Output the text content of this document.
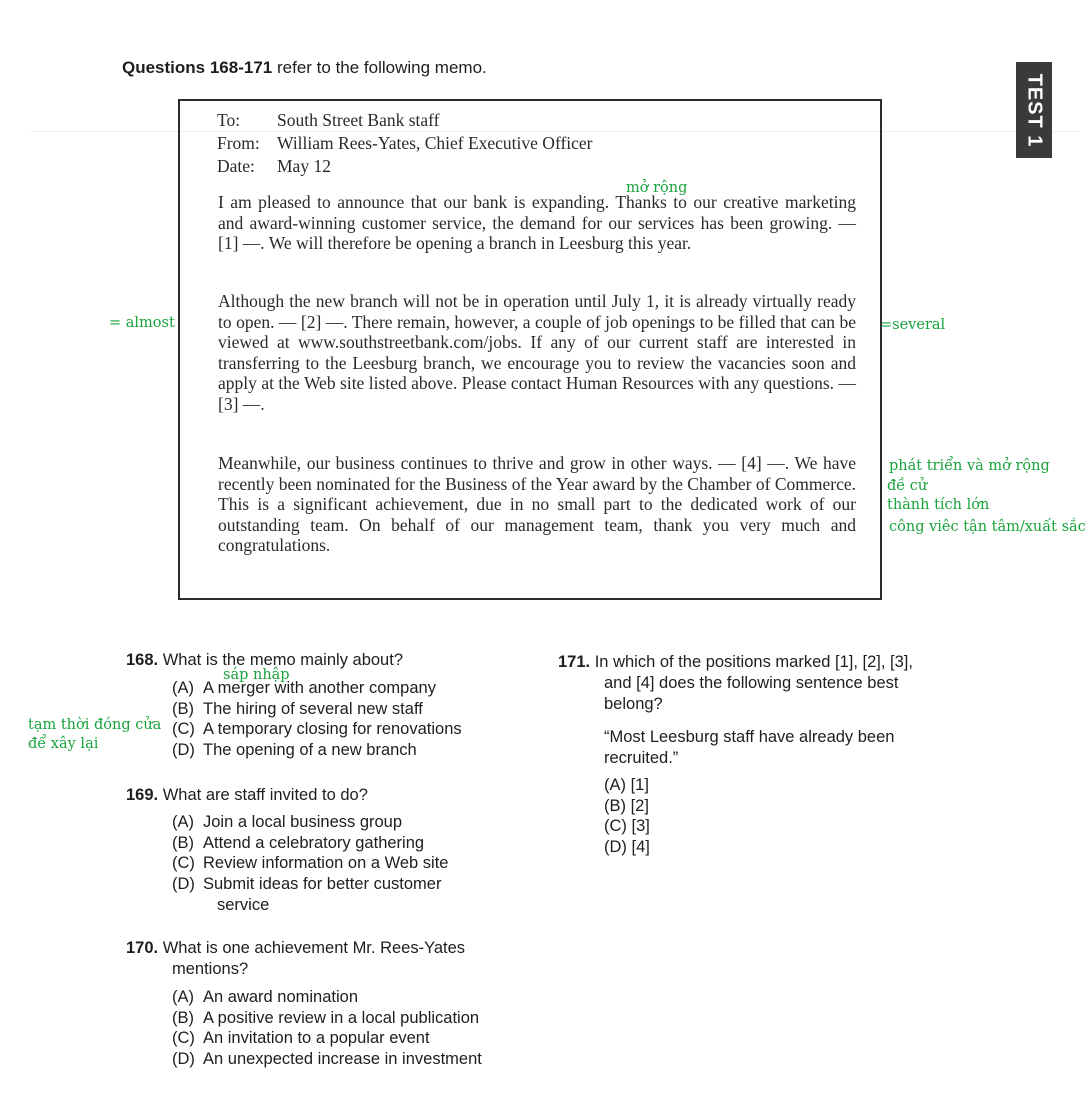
Questions 168-171 refer to the following memo.
TEST 1
To: South Street Bank staff
From: William Rees-Yates, Chief Executive Officer
Date: May 12
I am pleased to announce that our bank is expanding. Thanks to our creative marketing and award-winning customer service, the demand for our services has been growing. — [1] —. We will therefore be opening a branch in Leesburg this year.
Although the new branch will not be in operation until July 1, it is already virtually ready to open. — [2] —. There remain, however, a couple of job openings to be filled that can be viewed at www.southstreetbank.com/jobs. If any of our current staff are interested in transferring to the Leesburg branch, we encourage you to review the vacancies soon and apply at the Web site listed above. Please contact Human Resources with any questions. — [3] —.
Meanwhile, our business continues to thrive and grow in other ways. — [4] —. We have recently been nominated for the Business of the Year award by the Chamber of Commerce. This is a significant achievement, due in no small part to the dedicated work of our outstanding team. On behalf of our management team, thank you very much and congratulations.
mở rộng
= almost	=several
phát triển và mở rộng
đề cử
thành tích lớn
công viêc tận tâm/xuất sắc
sáp nhập
tạm thời đóng cửa
để xây lại
168. What is the memo mainly about?
(A) A merger with another company
(B) The hiring of several new staff
(C) A temporary closing for renovations
(D) The opening of a new branch
169. What are staff invited to do?
(A) Join a local business group
(B) Attend a celebratory gathering
(C) Review information on a Web site
(D) Submit ideas for better customer
service
170. What is one achievement Mr. Rees-Yates
mentions?
(A) An award nomination
(B) A positive review in a local publication
(C) An invitation to a popular event
(D) An unexpected increase in investment
171. In which of the positions marked [1], [2], [3],
and [4] does the following sentence best
belong?
“Most Leesburg staff have already been
recruited.”
(A) [1]
(B) [2]
(C) [3]
(D) [4]
